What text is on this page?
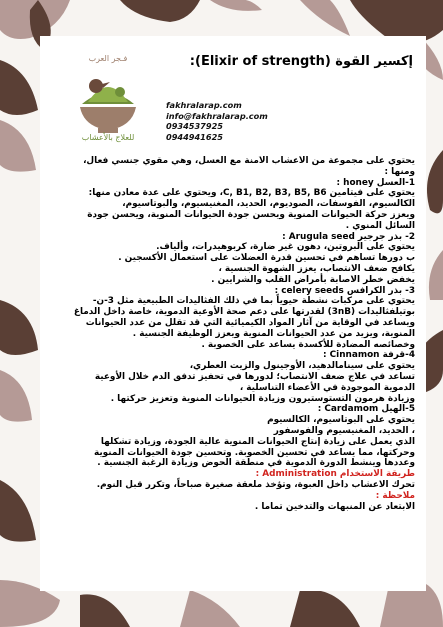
فـجر العرب
للعلاج بالأعشاب
إكسير القوة (Elixir of strength):
fakhralarap.com
info@fakhralarap.com
0934537925
0944941625

يحتوي على مجموعة من الأعشاب الآمنة مع العسل، وهي مقوي جنسي فعال،

ومنها :

1-العسل honey :

يحتوي على فيتامين C, B1, B2, B3, B5, B6، ويحتوي على عدة معادن منها:

الكالسيوم، الفوسفات، الصوديوم، الحديد، المغنيسيوم، والبوتاسيوم،

ويعزز حركة الحيوانات المنوية ويحسن جودة الحيوانات المنوية، ويحسن جودة

السائل المنوي .

2- بذر جرجير Arugula seed :

يحتوي على البروتين، دهون غير ضارة، كربوهيدرات، وألياف.

ب دورها تساهم في تحسين قدرة العضلات على استعمال الأكسجين .

يكافح ضعف الانتصاب، يعزز الشهوة الجنسية ،

يخفض خطر الاصابة بأمراض القلب والشرايين .

3- بذر الكرافس celery seeds :

يحتوي على مركبات نشطة حيوياً بما في ذلك الفثاليدات الطبيعية مثل 3-ن-

بوتيلفثاليدات (3nB) لقدرتها على دعم صحة الأوعية الدموية، خاصة داخل الدماغ

ويساعد في الوقاية من آثار المواد الكيميائية التي قد تقلل من عدد الحيوانات

المنوية، ويزيد من عدد الحيوانات المنوية ويعزز الوظيفة الجنسية .

وخصائصه المضادة للأكسدة يساعد على الخصوبة .

4-قرفة Cinnamon :

يحتوي على سينامالدهيد، الأوجينول والزيت العطري،

تساعد في علاج ضعف الانتصاب؛ لدورها في تحفيز تدفق الدم خلال الأوعية

الدموية الموجودة في الأعضاء التناسلية ،

وزيادة هرمون التستوستيرون وزيادة الحيوانات المنوية وتعزيز حركتها .

5-الهيل Cardamom :

يحتوي على البوتاسيوم، الكالسيوم

، الحديد، المغنيسيوم والفوسفور

الذي يعمل على زيادة إنتاج الحيوانات المنوية عالية الجودة، وزيادة تشكلها

وحركتها، مما يساعد في تحسين الخصوبة. وتحسين جودة الحيوانات المنوية

وعددها وينشط الدورة الدموية في منطقة الحوض وزيادة الرغبة الجنسية .

طريقة الاستخدام Administration :

تحرك الاعشاب داخل العبوة، وتؤخذ ملعقة صغيرة صباحاً، وتكرر قبل النوم.

ملاحظة :

الابتعاد عن المنبهات والتدخين تماما .
